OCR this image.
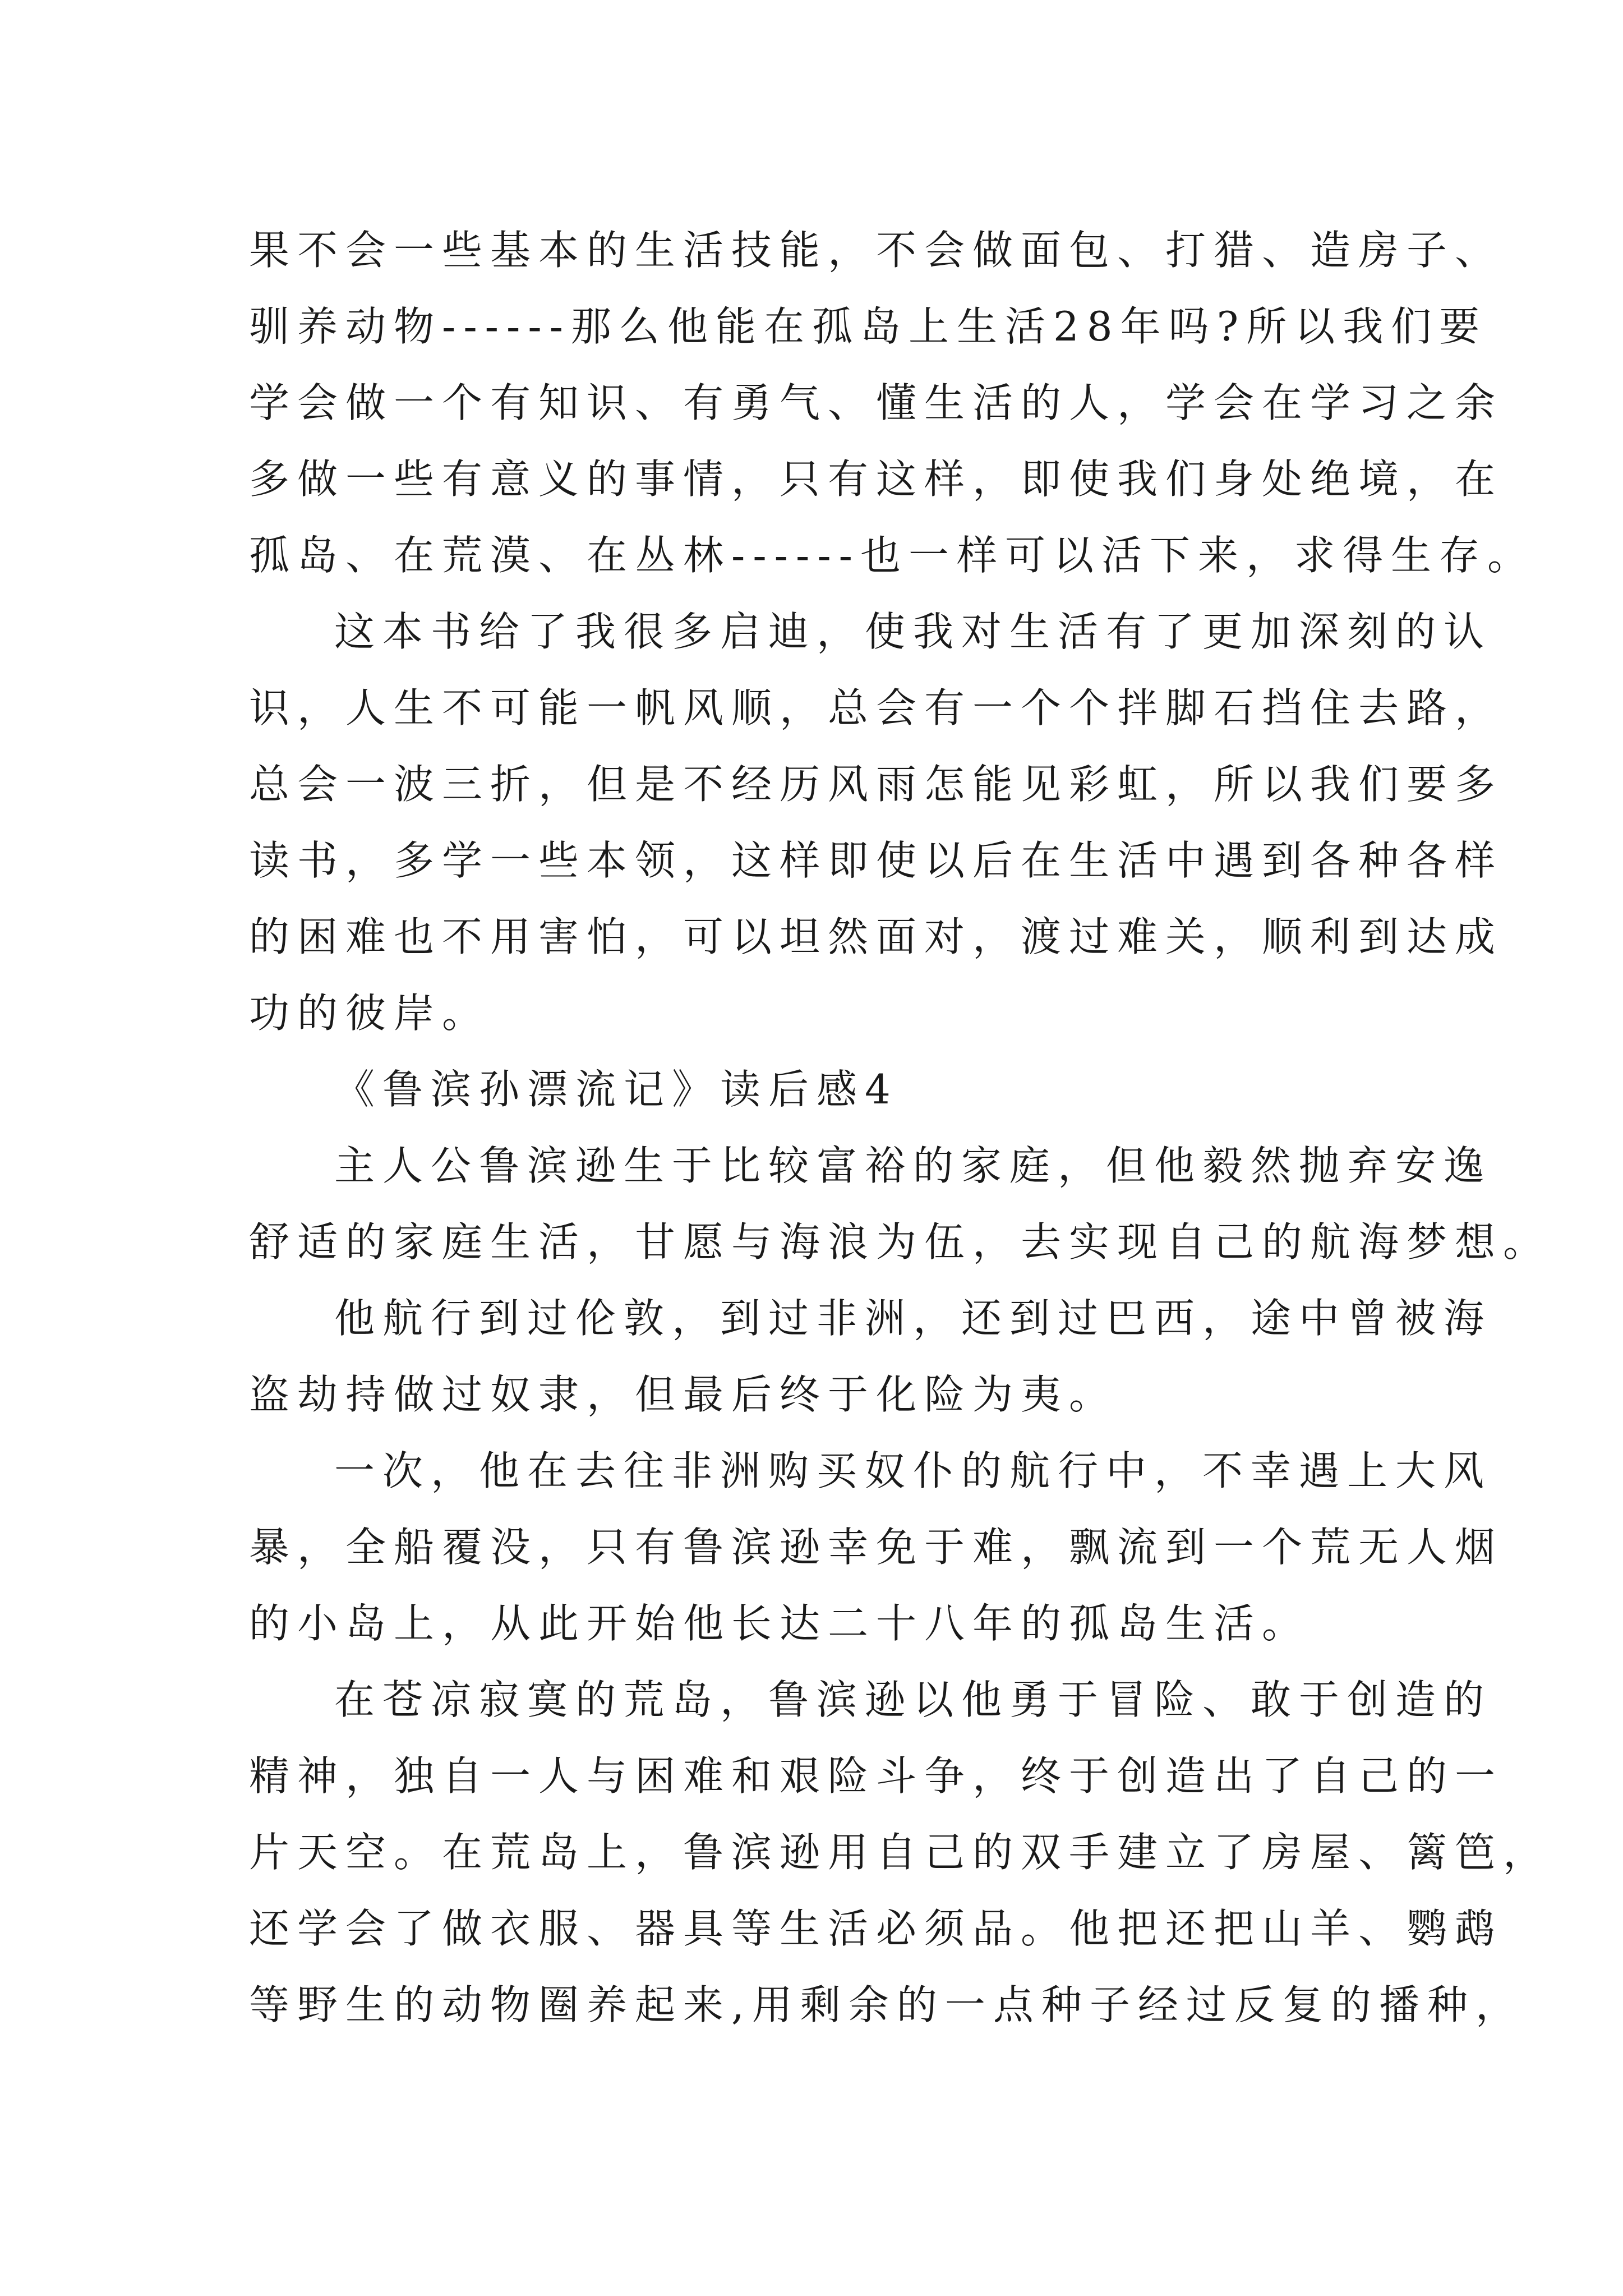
果不会一些基本的生活技能，不会做面包、打猎、造房子、
驯养动物------那么他能在孤岛上生活28年吗?所以我们要
学会做一个有知识、有勇气、懂生活的人，学会在学习之余
多做一些有意义的事情，只有这样，即使我们身处绝境，在
孤岛、在荒漠、在丛林------也一样可以活下来，求得生存。
这本书给了我很多启迪，使我对生活有了更加深刻的认
识，人生不可能一帆风顺，总会有一个个拌脚石挡住去路，
总会一波三折，但是不经历风雨怎能见彩虹，所以我们要多
读书，多学一些本领，这样即使以后在生活中遇到各种各样
的困难也不用害怕，可以坦然面对，渡过难关，顺利到达成
功的彼岸。
《鲁滨孙漂流记》读后感4
主人公鲁滨逊生于比较富裕的家庭，但他毅然抛弃安逸
舒适的家庭生活，甘愿与海浪为伍，去实现自己的航海梦想。
他航行到过伦敦，到过非洲，还到过巴西，途中曾被海
盗劫持做过奴隶，但最后终于化险为夷。
一次，他在去往非洲购买奴仆的航行中，不幸遇上大风
暴，全船覆没，只有鲁滨逊幸免于难，飘流到一个荒无人烟
的小岛上，从此开始他长达二十八年的孤岛生活。
在苍凉寂寞的荒岛，鲁滨逊以他勇于冒险、敢于创造的
精神，独自一人与困难和艰险斗争，终于创造出了自己的一
片天空。在荒岛上，鲁滨逊用自己的双手建立了房屋、篱笆，
还学会了做衣服、器具等生活必须品。他把还把山羊、鹦鹉
等野生的动物圈养起来,用剩余的一点种子经过反复的播种，
